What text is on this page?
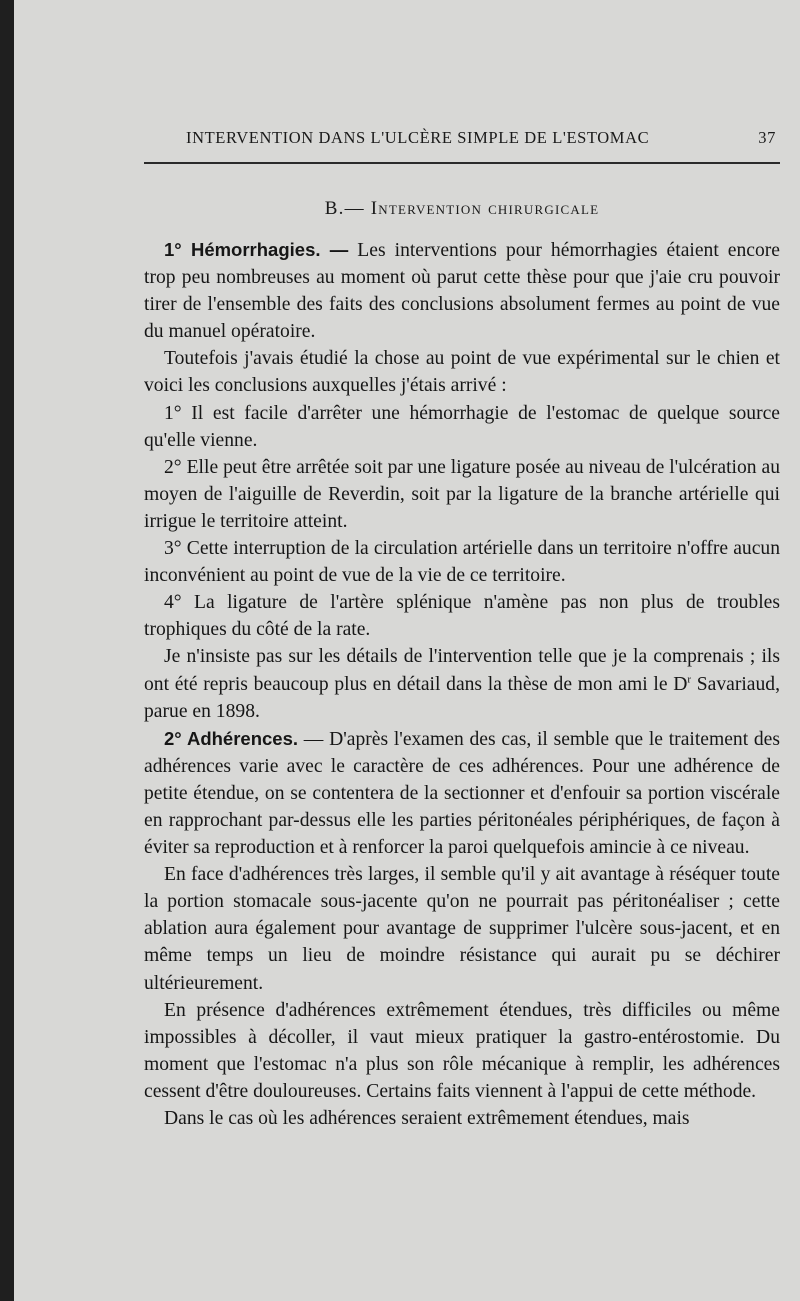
INTERVENTION DANS L'ULCÈRE SIMPLE DE L'ESTOMAC	37
B.— Intervention chirurgicale

1° Hémorrhagies. — Les interventions pour hémorrhagies étaient encore trop peu nombreuses au moment où parut cette thèse pour que j'aie cru pouvoir tirer de l'ensemble des faits des conclusions absolument fermes au point de vue du manuel opératoire.

Toutefois j'avais étudié la chose au point de vue expérimental sur le chien et voici les conclusions auxquelles j'étais arrivé :

1° Il est facile d'arrêter une hémorrhagie de l'estomac de quelque source qu'elle vienne.

2° Elle peut être arrêtée soit par une ligature posée au niveau de l'ulcération au moyen de l'aiguille de Reverdin, soit par la ligature de la branche artérielle qui irrigue le territoire atteint.

3° Cette interruption de la circulation artérielle dans un territoire n'offre aucun inconvénient au point de vue de la vie de ce territoire.

4° La ligature de l'artère splénique n'amène pas non plus de troubles trophiques du côté de la rate.

Je n'insiste pas sur les détails de l'intervention telle que je la comprenais ; ils ont été repris beaucoup plus en détail dans la thèse de mon ami le $D^r$ Savariaud, parue en 1898.

2° Adhérences. — D'après l'examen des cas, il semble que le traitement des adhérences varie avec le caractère de ces adhérences. Pour une adhérence de petite étendue, on se contentera de la sectionner et d'enfouir sa portion viscérale en rapprochant par-dessus elle les parties péritonéales périphériques, de façon à éviter sa reproduction et à renforcer la paroi quelquefois amincie à ce niveau.

En face d'adhérences très larges, il semble qu'il y ait avantage à réséquer toute la portion stomacale sous-jacente qu'on ne pourrait pas péritonéaliser ; cette ablation aura également pour avantage de supprimer l'ulcère sous-jacent, et en même temps un lieu de moindre résistance qui aurait pu se déchirer ultérieurement.

En présence d'adhérences extrêmement étendues, très difficiles ou même impossibles à décoller, il vaut mieux pratiquer la gastro-entérostomie. Du moment que l'estomac n'a plus son rôle mécanique à remplir, les adhérences cessent d'être douloureuses. Certains faits viennent à l'appui de cette méthode.

Dans le cas où les adhérences seraient extrêmement étendues, mais
